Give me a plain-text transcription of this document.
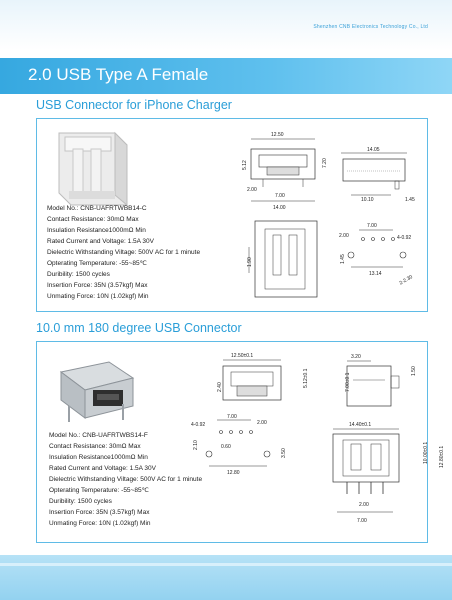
Shenzhen CNB Electronics Technology Co., Ltd
2.0 USB Type A Female
USB Connector for iPhone Charger
Model No.: CNB-UAFRTWBB14-C
Contact Resistance: 30mΩ Max
Insulation Resistance1000mΩ Min
Rated Current and Voltage: 1.5A 30V
Dielectric Withstanding Viltage: 500V AC for 1 minute
Opterating Temperature: -55~85℃
Duribility: 1500 cycles
Insertion Force: 35N (3.57kgf) Max
Unmating Force: 10N (1.02kgf) Min
12.50
5.12	7.20
2.00
7.00
14.00
14.05
10.10	1.45
1.90
7.00
2.00	4-0.92
1.45
13.14
2-2.30
10.0 mm 180 degree USB Connector
Model No.: CNB-UAFRTWBS14-F
Contact Resistance: 30mΩ Max
Insulation Resistance1000mΩ Min
Rated Current and Voltage: 1.5A 30V
Dielectric Withstanding Viltage: 500V AC for 1 minute
Opterating Temperature: -55~85℃
Duribility: 1500 cycles
Insertion Force: 35N (3.57kgf) Max
Unmating Force: 10N (1.02kgf) Min
12.50±0.1
2.40	5.12±0.1
3.20
7.00±0.1
1.50
7.00
2.00
4-0.92
2.10	0.60
3.50
12.80
14.40±0.1
10.00±0.1 12.80±0.1
2.00
7.00
